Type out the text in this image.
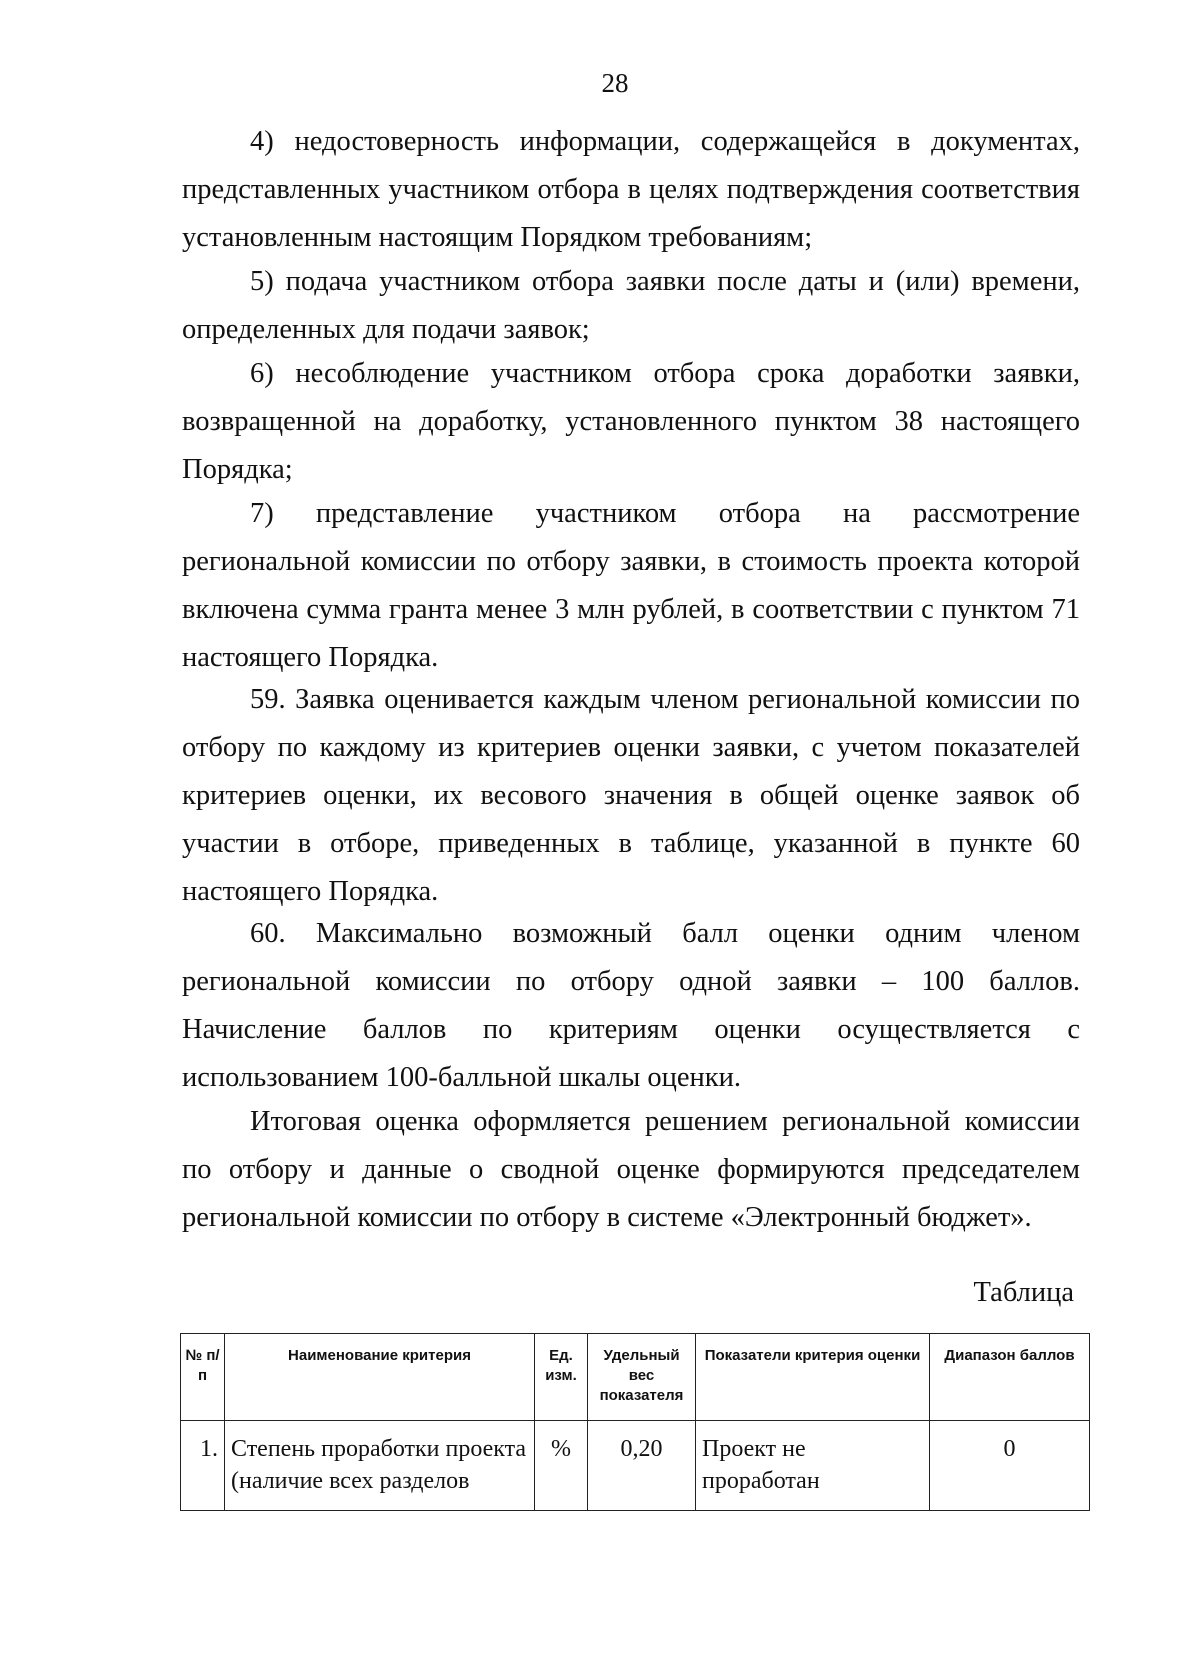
28

4) недостоверность информации, содержащейся в документах, представленных участником отбора в целях подтверждения соответствия установленным настоящим Порядком требованиям;

5) подача участником отбора заявки после даты и (или) времени, определенных для подачи заявок;

6) несоблюдение участником отбора срока доработки заявки, возвращенной на доработку, установленного пунктом 38 настоящего Порядка;

7) представление участником отбора на рассмотрение региональной комиссии по отбору заявки, в стоимость проекта которой включена сумма гранта менее 3 млн рублей, в соответствии с пунктом 71 настоящего Порядка.

59. Заявка оценивается каждым членом региональной комиссии по отбору по каждому из критериев оценки заявки, с учетом показателей критериев оценки, их весового значения в общей оценке заявок об участии в отборе, приведенных в таблице, указанной в пункте 60 настоящего Порядка.

60. Максимально возможный балл оценки одним членом региональной комиссии по отбору одной заявки – 100 баллов. Начисление баллов по критериям оценки осуществляется с использованием 100-балльной шкалы оценки.

Итоговая оценка оформляется решением региональной комиссии по отбору и данные о сводной оценке формируются председателем региональной комиссии по отбору в системе «Электронный бюджет».

Таблица
№ п/п	Наименование критерия	Ед. изм.	Удельный вес показателя	Показатели критерия оценки	Диапазон баллов
1.	Степень проработки проекта (наличие всех разделов	%	0,20	Проект не проработан	0
